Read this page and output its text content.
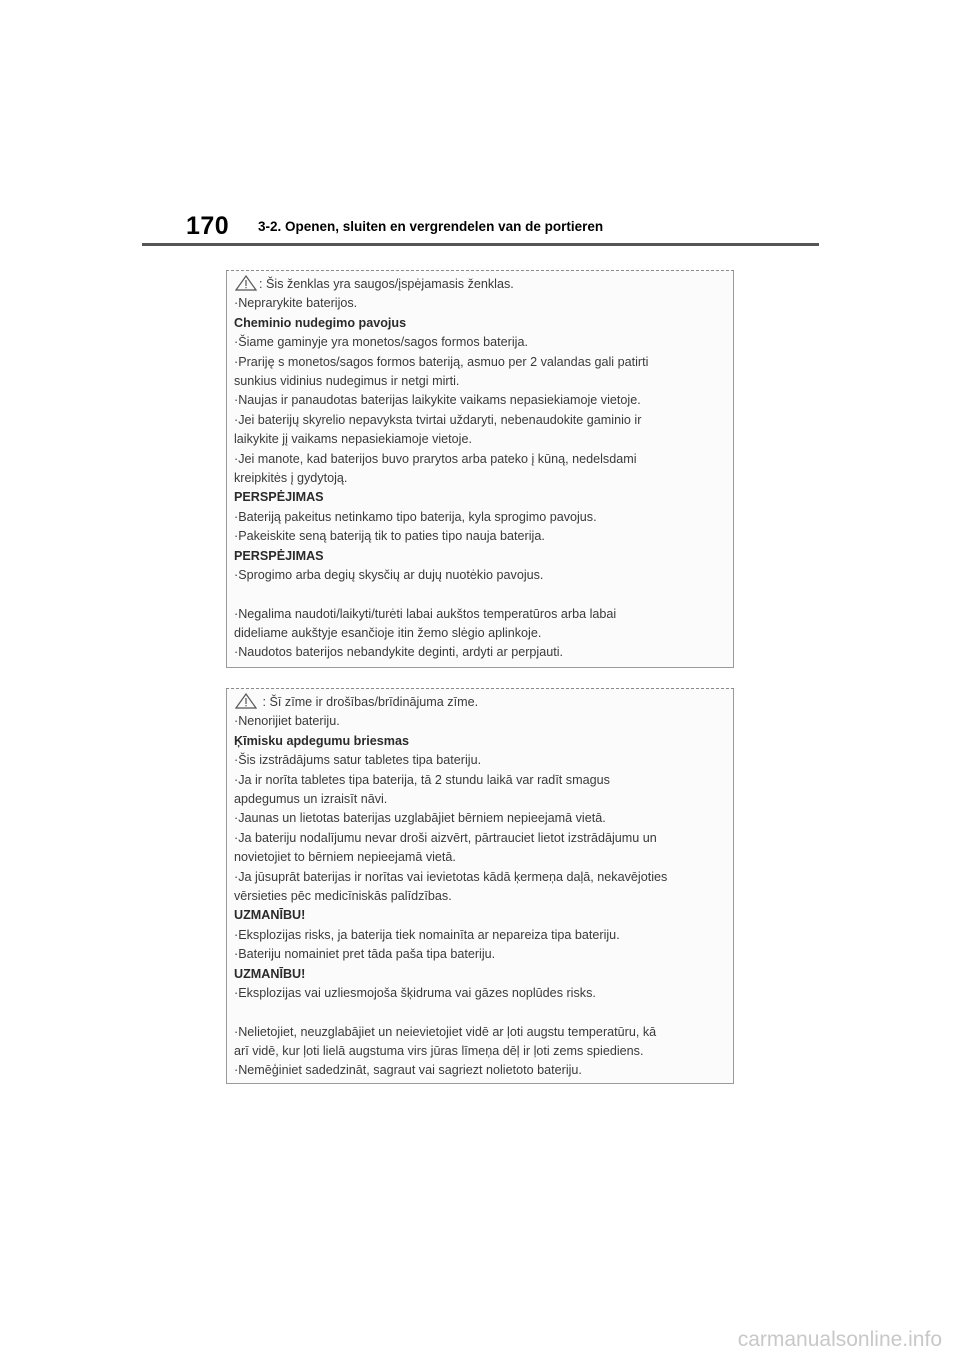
170 3-2. Openen, sluiten en vergrendelen van de portieren
: Šis ženklas yra saugos/įspėjamasis ženklas.
·Neprarykite baterijos.
Cheminio nudegimo pavojus
·Šiame gaminyje yra monetos/sagos formos baterija.
·Prariję s monetos/sagos formos bateriją, asmuo per 2 valandas gali patirti
sunkius vidinius nudegimus ir netgi mirti.
·Naujas ir panaudotas baterijas laikykite vaikams nepasiekiamoje vietoje.
·Jei baterijų skyrelio nepavyksta tvirtai uždaryti, nebenaudokite gaminio ir
laikykite jį vaikams nepasiekiamoje vietoje.
·Jei manote, kad baterijos buvo prarytos arba pateko į kūną, nedelsdami
kreipkitės į gydytoją.
PERSPĖJIMAS
·Bateriją pakeitus netinkamo tipo baterija, kyla sprogimo pavojus.
·Pakeiskite seną bateriją tik to paties tipo nauja baterija.
PERSPĖJIMAS
·Sprogimo arba degių skysčių ar dujų nuotėkio pavojus.
·Negalima naudoti/laikyti/turėti labai aukštos temperatūros arba labai
dideliame aukštyje esančioje itin žemo slėgio aplinkoje.
·Naudotos baterijos nebandykite deginti, ardyti ar perpjauti.
: Šī zīme ir drošības/brīdinājuma zīme.
·Nenorijiet bateriju.
Ķīmisku apdegumu briesmas
·Šis izstrādājums satur tabletes tipa bateriju.
·Ja ir norīta tabletes tipa baterija, tā 2 stundu laikā var radīt smagus
apdegumus un izraisīt nāvi.
·Jaunas un lietotas baterijas uzglabājiet bērniem nepieejamā vietā.
·Ja bateriju nodalījumu nevar droši aizvērt, pārtrauciet lietot izstrādājumu un
novietojiet to bērniem nepieejamā vietā.
·Ja jūsuprāt baterijas ir norītas vai ievietotas kādā ķermeņa daļā, nekavējoties
vērsieties pēc medicīniskās palīdzības.
UZMANĪBU!
·Eksplozijas risks, ja baterija tiek nomainīta ar nepareiza tipa bateriju.
·Bateriju nomainiet pret tāda paša tipa bateriju.
UZMANĪBU!
·Eksplozijas vai uzliesmojoša šķidruma vai gāzes noplūdes risks.
·Nelietojiet, neuzglabājiet un neievietojiet vidē ar ļoti augstu temperatūru, kā
arī vidē, kur ļoti lielā augstuma virs jūras līmeņa dēļ ir ļoti zems spiediens.
·Nemēģiniet sadedzināt, sagraut vai sagriezt nolietoto bateriju.
carmanualsonline.info
